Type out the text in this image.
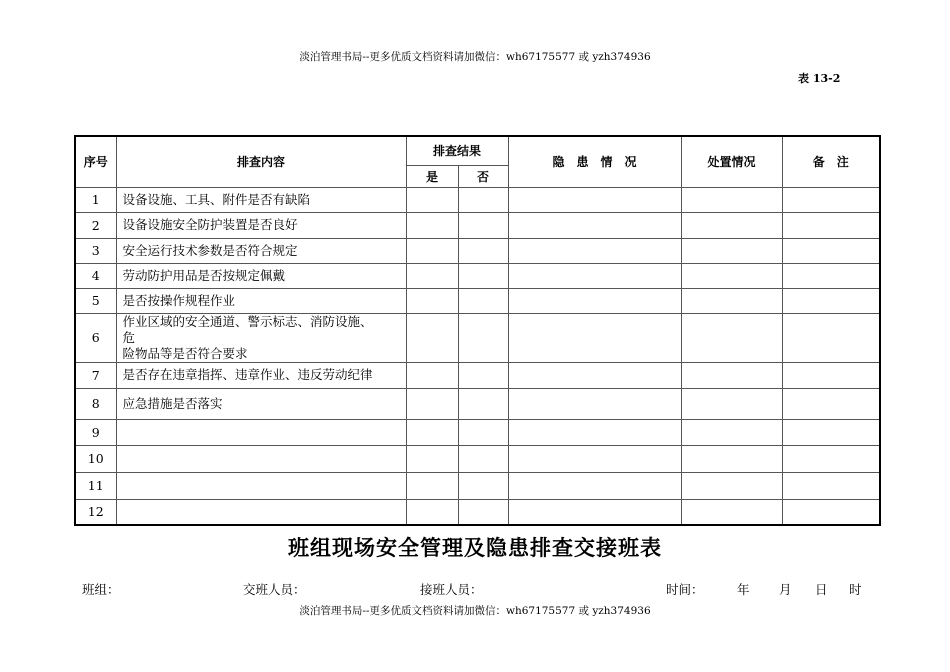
淡泊管理书局--更多优质文档资料请加微信：wh67175577 或 yzh374936
表 13-2
序号	排查内容	排查结果		隐　患　情　况	处置情况	备　注
		是	否			
1	设备设施、工具、附件是否有缺陷					
2	设备设施安全防护装置是否良好					
3	安全运行技术参数是否符合规定					
4	劳动防护用品是否按规定佩戴					
5	是否按操作规程作业					
6	作业区域的安全通道、警示标志、消防设施、
危
险物品等是否符合要求					
7	是否存在违章指挥、违章作业、违反劳动纪律					
8	应急措施是否落实					
9						
10						
11						
12						
班组现场安全管理及隐患排查交接班表
班组：	交班人员：	接班人员：	时间：	年 月 日 时
淡泊管理书局--更多优质文档资料请加微信：wh67175577 或 yzh374936
